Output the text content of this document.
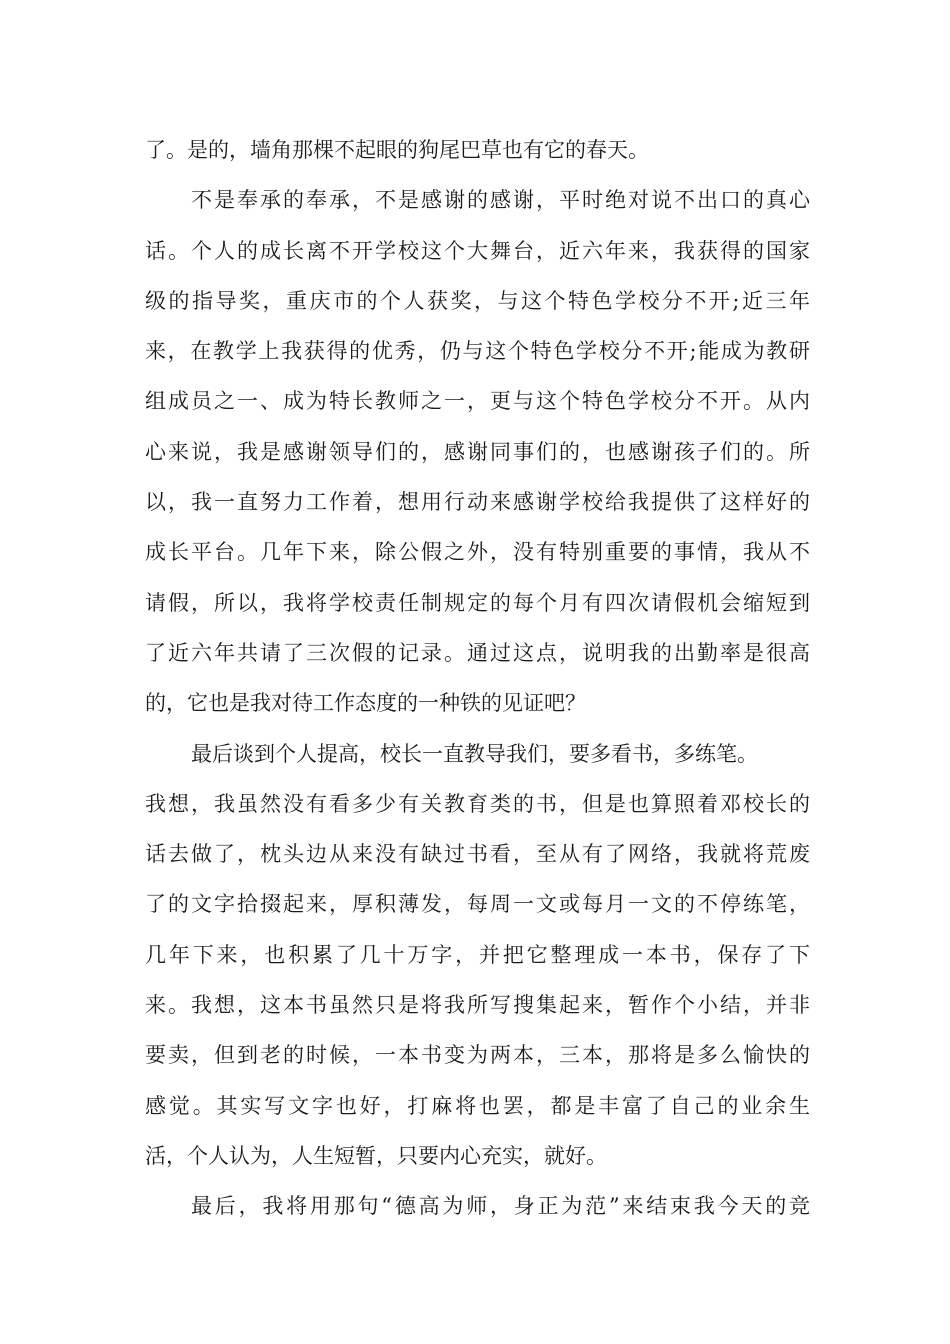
了。是的，墙角那棵不起眼的狗尾巴草也有它的春天。
不是奉承的奉承，不是感谢的感谢，平时绝对说不出口的真心
话。个人的成长离不开学校这个大舞台，近六年来，我获得的国家
级的指导奖，重庆市的个人获奖，与这个特色学校分不开;近三年
来，在教学上我获得的优秀，仍与这个特色学校分不开;能成为教研
组成员之一、成为特长教师之一，更与这个特色学校分不开。从内
心来说，我是感谢领导们的，感谢同事们的，也感谢孩子们的。所
以，我一直努力工作着，想用行动来感谢学校给我提供了这样好的
成长平台。几年下来，除公假之外，没有特别重要的事情，我从不
请假，所以，我将学校责任制规定的每个月有四次请假机会缩短到
了近六年共请了三次假的记录。通过这点，说明我的出勤率是很高
的，它也是我对待工作态度的一种铁的见证吧？
最后谈到个人提高，校长一直教导我们，要多看书，多练笔。
我想，我虽然没有看多少有关教育类的书，但是也算照着邓校长的
话去做了，枕头边从来没有缺过书看，至从有了网络，我就将荒废
了的文字拾掇起来，厚积薄发，每周一文或每月一文的不停练笔，
几年下来，也积累了几十万字，并把它整理成一本书，保存了下
来。我想，这本书虽然只是将我所写搜集起来，暂作个小结，并非
要卖，但到老的时候，一本书变为两本，三本，那将是多么愉快的
感觉。其实写文字也好，打麻将也罢，都是丰富了自己的业余生
活，个人认为，人生短暂，只要内心充实，就好。
最后，我将用那句“德高为师，身正为范”来结束我今天的竞
